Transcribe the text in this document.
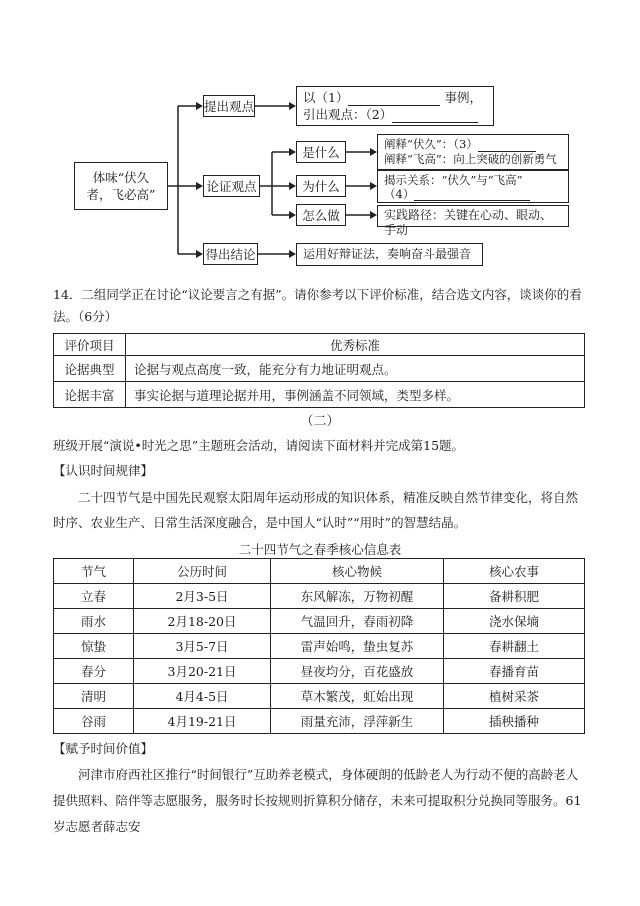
体味“伏久者，飞必高”
提出观点
论证观点
得出结论
以（1）	事例，
引出观点：（2）
是什么
为什么
怎么做
阐释“伏久”：（3）
阐释“飞高”：向上突破的创新勇气
揭示关系：“伏久”与“飞高”
（4）
实践路径：关键在心动、眼动、手动
运用好辩证法，奏响奋斗最强音
14．二组同学正在讨论“议论要言之有据”。请你参考以下评价标准，结合选文内容，谈谈你的看法。（6分）
评价项目	优秀标准
论据典型	论据与观点高度一致，能充分有力地证明观点。
论据丰富	事实论据与道理论据并用，事例涵盖不同领域，类型多样。
（二）
班级开展“演说•时光之思”主题班会活动，请阅读下面材料并完成第15题。
【认识时间规律】
二十四节气是中国先民观察太阳周年运动形成的知识体系，精准反映自然节律变化，将自然时序、农业生产、日常生活深度融合，是中国人“认时”“用时”的智慧结晶。
二十四节气之春季核心信息表
节气	公历时间	核心物候	核心农事
立春	2月3-5日	东风解冻，万物初醒	备耕积肥
雨水	2月18-20日	气温回升，春雨初降	浇水保墒
惊蛰	3月5-7日	雷声始鸣，蛰虫复苏	春耕翻土
春分	3月20-21日	昼夜均分，百花盛放	春播育苗
清明	4月4-5日	草木繁茂，虹始出现	植树采茶
谷雨	4月19-21日	雨量充沛，浮萍新生	插秧播种
【赋予时间价值】
河津市府西社区推行“时间银行”互助养老模式，身体硬朗的低龄老人为行动不便的高龄老人提供照料、陪伴等志愿服务，服务时长按规则折算积分储存，未来可提取积分兑换同等服务。61岁志愿者薛志安
